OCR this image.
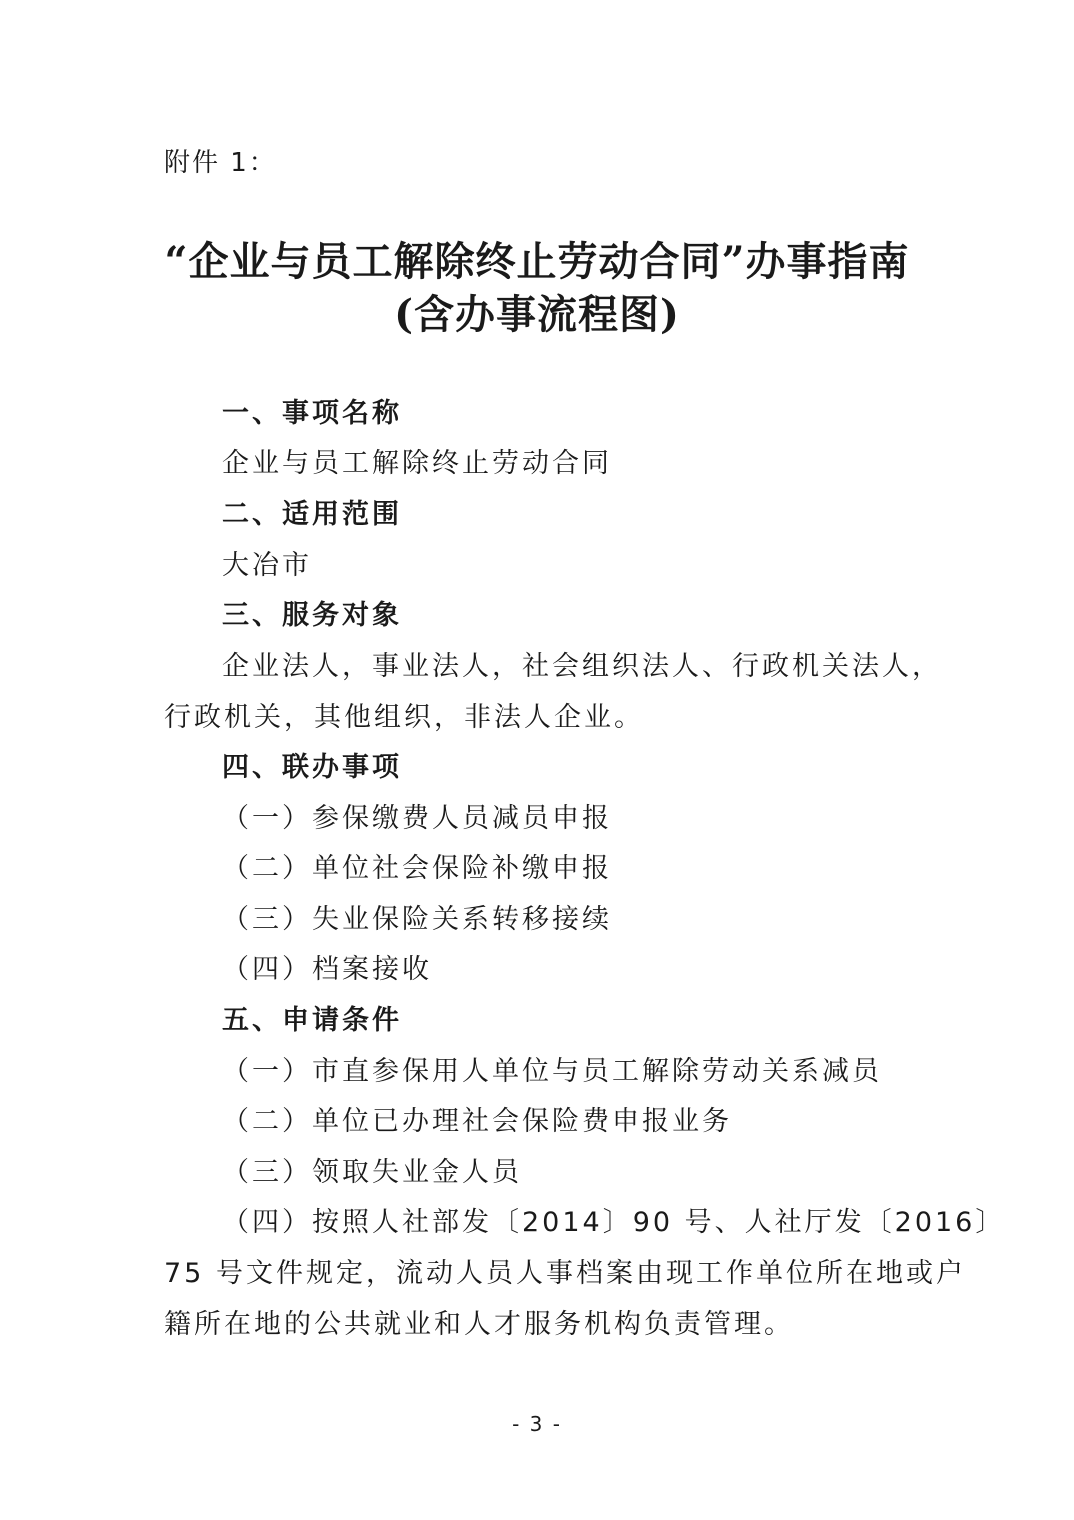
附件 1：
“企业与员工解除终止劳动合同”办事指南
(含办事流程图)
一、事项名称
企业与员工解除终止劳动合同
二、适用范围
大冶市
三、服务对象
企业法人，事业法人，社会组织法人、行政机关法人，
行政机关，其他组织，非法人企业。
四、联办事项
（一）参保缴费人员减员申报
（二）单位社会保险补缴申报
（三）失业保险关系转移接续
（四）档案接收
五、申请条件
（一）市直参保用人单位与员工解除劳动关系减员
（二）单位已办理社会保险费申报业务
（三）领取失业金人员
（四）按照人社部发〔2014〕90 号、人社厅发〔2016〕
75 号文件规定，流动人员人事档案由现工作单位所在地或户
籍所在地的公共就业和人才服务机构负责管理。
- 3 -
